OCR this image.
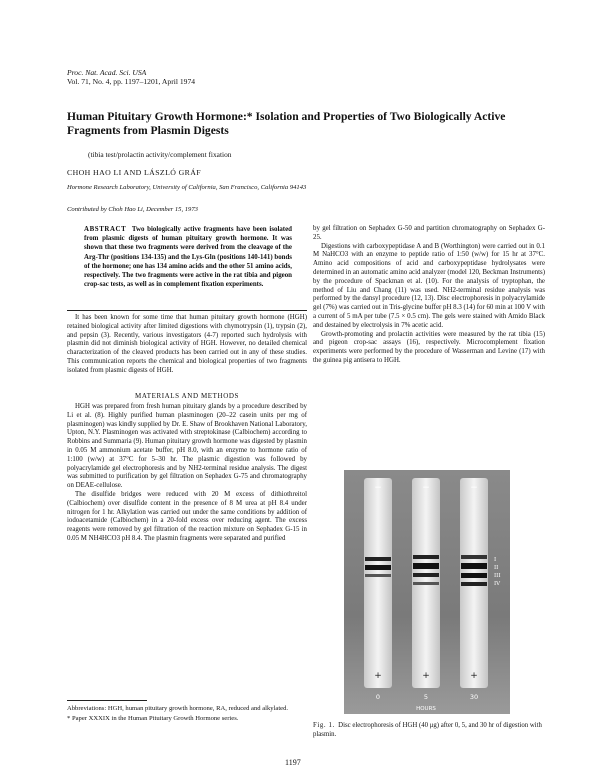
Proc. Nat. Acad. Sci. USA
Vol. 71, No. 4, pp. 1197–1201, April 1974
Human Pituitary Growth Hormone:* Isolation and Properties of Two Biologically Active Fragments from Plasmin Digests
(tibia test/prolactin activity/complement fixation
CHOH HAO LI AND LÁSZLÓ GRÁF
Hormone Research Laboratory, University of California, San Francisco, California 94143
Contributed by Choh Hao Li, December 15, 1973
ABSTRACT Two biologically active fragments have been isolated from plasmic digests of human pituitary growth hormone. It was shown that these two fragments were derived from the cleavage of the Arg-Thr (positions 134-135) and the Lys-Gln (positions 140-141) bonds of the hormone; one has 134 amino acids and the other 51 amino acids, respectively. The two fragments were active in the rat tibia and pigeon crop-sac tests, as well as in complement fixation experiments.

It has been known for some time that human pituitary growth hormone (HGH) retained biological activity after limited digestions with chymotrypsin (1), trypsin (2), and pepsin (3). Recently, various investigators (4-7) reported such hydrolysis with plasmin did not diminish biological activity of HGH. However, no detailed chemical characterization of the cleaved products has been carried out in any of these studies. This communication reports the chemical and biological properties of two fragments isolated from plasmic digests of HGH.

MATERIALS AND METHODS

HGH was prepared from fresh human pituitary glands by a procedure described by Li et al. (8). Highly purified human plasminogen (20–22 casein units per mg of plasminogen) was kindly supplied by Dr. E. Shaw of Brookhaven National Laboratory, Upton, N.Y. Plasminogen was activated with streptokinase (Calbiochem) according to Robbins and Summaria (9). Human pituitary growth hormone was digested by plasmin in 0.05 M ammonium acetate buffer, pH 8.0, with an enzyme to hormone ratio of 1:100 (w/w) at 37°C for 5–30 hr. The plasmic digestion was followed by polyacrylamide gel electrophoresis and by NH2-terminal residue analysis. The digest was submitted to purification by gel filtration on Sephadex G-75 and chromatography on DEAE-cellulose.

The disulfide bridges were reduced with 20 M excess of dithiothreitol (Calbiochem) over disulfide content in the presence of 8 M urea at pH 8.4 under nitrogen for 1 hr. Alkylation was carried out under the same conditions by addition of iodoacetamide (Calbiochem) in a 20-fold excess over reducing agent. The excess reagents were removed by gel filtration of the reaction mixture on Sephadex G-15 in 0.05 M NH4HCO3 pH 8.4. The plasmin fragments were separated and purified

Abbreviations: HGH, human pituitary growth hormone, RA, reduced and alkylated.

* Paper XXXIX in the Human Pituitary Growth Hormone series.

by gel filtration on Sephadex G-50 and partition chromatography on Sephadex G-25.

Digestions with carboxypeptidase A and B (Worthington) were carried out in 0.1 M NaHCO3 with an enzyme to peptide ratio of 1:50 (w/w) for 15 hr at 37°C. Amino acid compositions of acid and carboxypeptidase hydrolysates were determined in an automatic amino acid analyzer (model 120, Beckman Instruments) by the procedure of Spackman et al. (10). For the analysis of tryptophan, the method of Liu and Chang (11) was used. NH2-terminal residue analysis was performed by the dansyl procedure (12, 13). Disc electrophoresis in polyacrylamide gel (7%) was carried out in Tris-glycine buffer pH 8.3 (14) for 60 min at 100 V with a current of 5 mA per tube (7.5 × 0.5 cm). The gels were stained with Amido Black and destained by electrolysis in 7% acetic acid.

Growth-promoting and prolactin activities were measured by the rat tibia (15) and pigeon crop-sac assays (16), respectively. Microcomplement fixation experiments were performed by the procedure of Wasserman and Levine (17) with the guinea pig antisera to HGH.

−	−	−
+	+	+
I
II
III
IV
0	5	30
HOURS
Fig. 1. Disc electrophoresis of HGH (40 μg) after 0, 5, and 30 hr of digestion with plasmin.
1197
